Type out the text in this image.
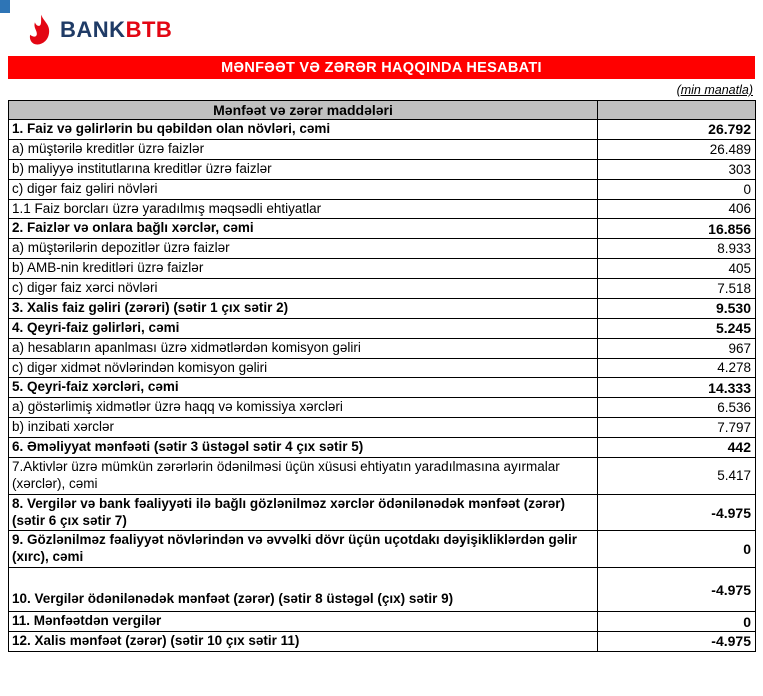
BANKBTB
MƏNFƏƏT VƏ ZƏRƏR HAQQINDA HESABATI
(min manatla)
Mənfəət və zərər maddələri	
1. Faiz və gəlirlərin bu qəbildən olan növləri, cəmi	26.792
a) müştərilə kreditlər üzrə faizlər	26.489
b) maliyyə institutlarına kreditlər üzrə faizlər	303
c) digər faiz gəliri növləri	0
1.1 Faiz borcları üzrə yaradılmış məqsədli ehtiyatlar	406
2. Faizlər və onlara bağlı xərclər, cəmi	16.856
a) müştərilərin depozitlər üzrə faizlər	8.933
b) AMB-nin kreditləri üzrə faizlər	405
c) digər faiz xərci növləri	7.518
3. Xalis faiz gəliri (zərəri) (sətir 1 çıx sətir 2)	9.530
4. Qeyri-faiz gəlirləri, cəmi	5.245
a) hesabların apanlması üzrə xidmətlərdən komisyon gəliri	967
c) digər xidmət növlərindən komisyon gəliri	4.278
5. Qeyri-faiz xərcləri, cəmi	14.333
a) göstərlimiş xidmətlər üzrə haqq və komissiya xərcləri	6.536
b) inzibati xərclər	7.797
6. Əməliyyat mənfəəti (sətir 3 üstəgəl sətir 4 çıx sətir 5)	442
7.Aktivlər üzrə mümkün zərərlərin ödənilməsi üçün xüsusi ehtiyatın yaradılmasına ayırmalar (xərclər), cəmi	5.417
8. Vergilər və bank fəaliyyəti ilə bağlı gözlənilməz xərclər ödənilənədək mənfəət (zərər) (sətir 6 çıx sətir 7)	-4.975
9. Gözlənilməz fəaliyyət növlərindən və əvvəlki dövr üçün uçotdakı dəyişikliklərdən gəlir (xırc), cəmi	0
10. Vergilər ödənilənədək mənfəət (zərər) (sətir 8 üstəgəl (çıx) sətir 9)	-4.975
11. Mənfəətdən vergilər	0
12. Xalis mənfəət (zərər) (sətir 10 çıx sətir 11)	-4.975
